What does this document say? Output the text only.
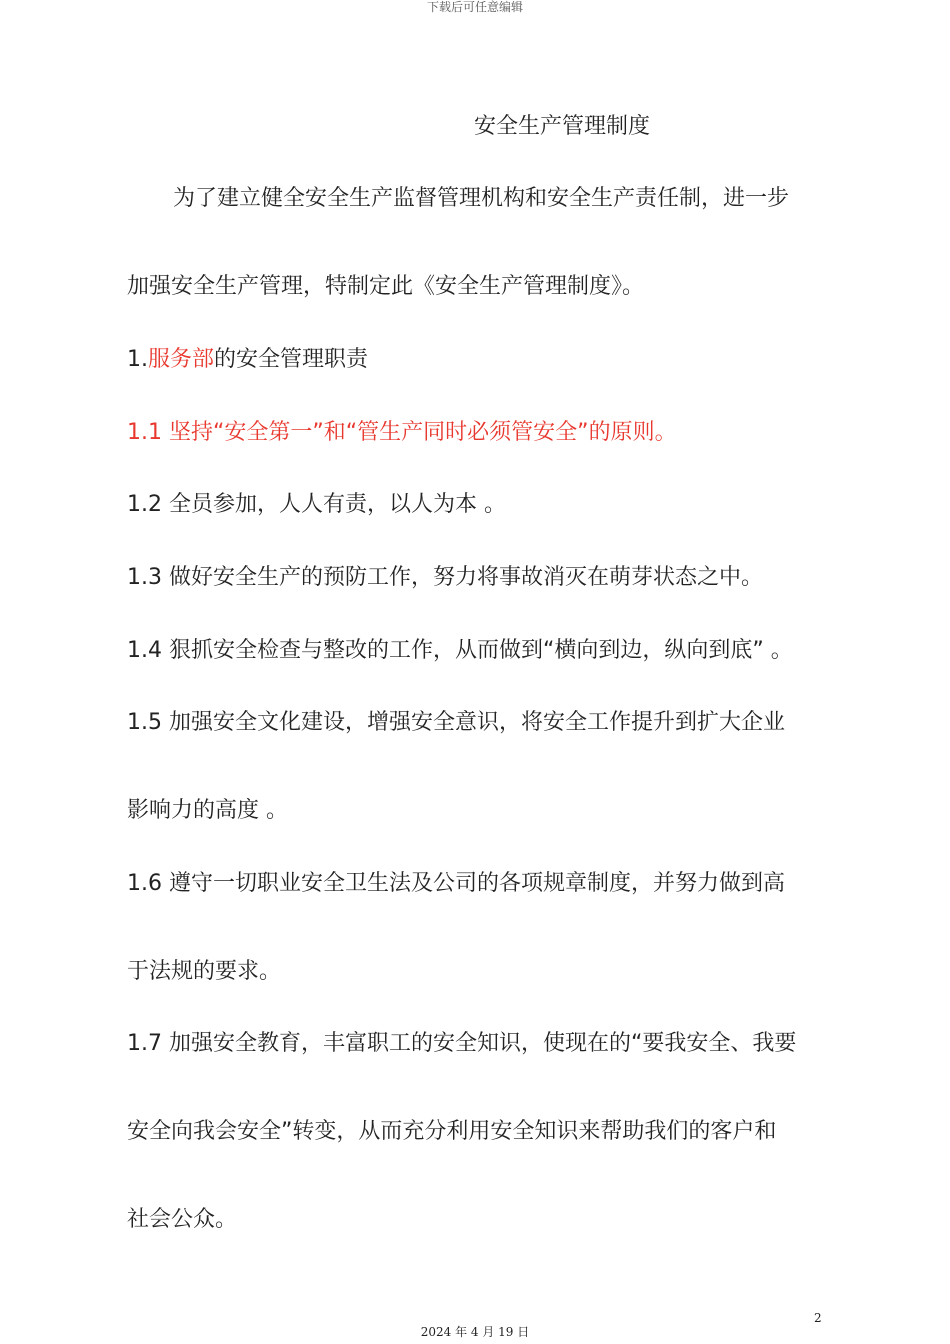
下载后可任意编辑
安全生产管理制度
为了建立健全安全生产监督管理机构和安全生产责任制，进一步
加强安全生产管理，特制定此《安全生产管理制度》。
1.服务部的安全管理职责
1.1 坚持“安全第一”和“管生产同时必须管安全”的原则。
1.2 全员参加，人人有责，以人为本 。
1.3 做好安全生产的预防工作，努力将事故消灭在萌芽状态之中。
1.4 狠抓安全检查与整改的工作，从而做到“横向到边，纵向到底” 。
1.5 加强安全文化建设，增强安全意识，将安全工作提升到扩大企业
影响力的高度 。
1.6 遵守一切职业安全卫生法及公司的各项规章制度，并努力做到高
于法规的要求。
1.7 加强安全教育，丰富职工的安全知识，使现在的“要我安全、我要
安全向我会安全”转变，从而充分利用安全知识来帮助我们的客户和
社会公众。
2
2024 年 4 月 19 日
